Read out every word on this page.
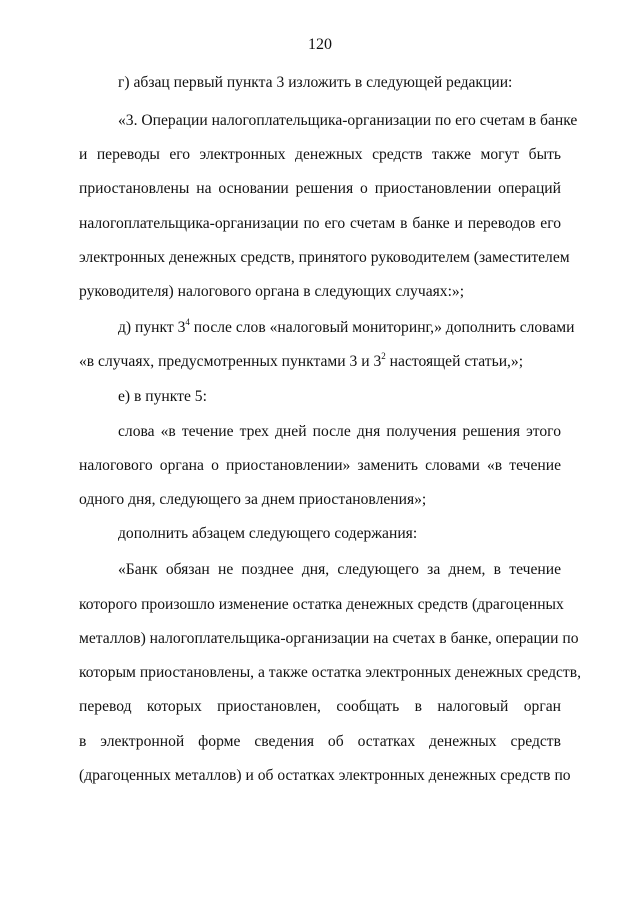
120
г) абзац первый пункта 3 изложить в следующей редакции:
«3. Операции налогоплательщика-организации по его счетам в банке
и переводы его электронных денежных средств также могут быть
приостановлены на основании решения о приостановлении операций
налогоплательщика-организации по его счетам в банке и переводов его
электронных денежных средств, принятого руководителем (заместителем
руководителя) налогового органа в следующих случаях:»;
д) пункт $3^4$ после слов «налоговый мониторинг,» дополнить словами
«в случаях, предусмотренных пунктами 3 и $3^2$ настоящей статьи,»;
е) в пункте 5:
слова «в течение трех дней после дня получения решения этого
налогового органа о приостановлении» заменить словами «в течение
одного дня, следующего за днем приостановления»;
дополнить абзацем следующего содержания:
«Банк обязан не позднее дня, следующего за днем, в течение
которого произошло изменение остатка денежных средств (драгоценных
металлов) налогоплательщика-организации на счетах в банке, операции по
которым приостановлены, а также остатка электронных денежных средств,
перевод которых приостановлен, сообщать в налоговый орган
в электронной форме сведения об остатках денежных средств
(драгоценных металлов) и об остатках электронных денежных средств по
